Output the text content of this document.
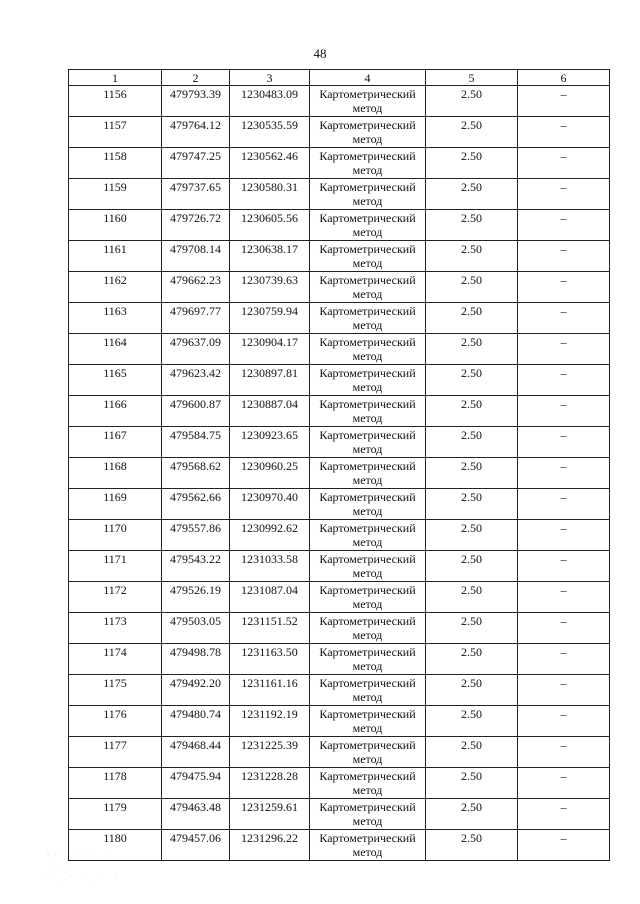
48
1	2	3	4	5	6
1156	479793.39	1230483.09	Картометрический
метод	2.50	–
1157	479764.12	1230535.59	Картометрический
метод	2.50	–
1158	479747.25	1230562.46	Картометрический
метод	2.50	–
1159	479737.65	1230580.31	Картометрический
метод	2.50	–
1160	479726.72	1230605.56	Картометрический
метод	2.50	–
1161	479708.14	1230638.17	Картометрический
метод	2.50	–
1162	479662.23	1230739.63	Картометрический
метод	2.50	–
1163	479697.77	1230759.94	Картометрический
метод	2.50	–
1164	479637.09	1230904.17	Картометрический
метод	2.50	–
1165	479623.42	1230897.81	Картометрический
метод	2.50	–
1166	479600.87	1230887.04	Картометрический
метод	2.50	–
1167	479584.75	1230923.65	Картометрический
метод	2.50	–
1168	479568.62	1230960.25	Картометрический
метод	2.50	–
1169	479562.66	1230970.40	Картометрический
метод	2.50	–
1170	479557.86	1230992.62	Картометрический
метод	2.50	–
1171	479543.22	1231033.58	Картометрический
метод	2.50	–
1172	479526.19	1231087.04	Картометрический
метод	2.50	–
1173	479503.05	1231151.52	Картометрический
метод	2.50	–
1174	479498.78	1231163.50	Картометрический
метод	2.50	–
1175	479492.20	1231161.16	Картометрический
метод	2.50	–
1176	479480.74	1231192.19	Картометрический
метод	2.50	–
1177	479468.44	1231225.39	Картометрический
метод	2.50	–
1178	479475.94	1231228.28	Картометрический
метод	2.50	–
1179	479463.48	1231259.61	Картометрический
метод	2.50	–
1180	479457.06	1231296.22	Картометрический
метод	2.50	–
